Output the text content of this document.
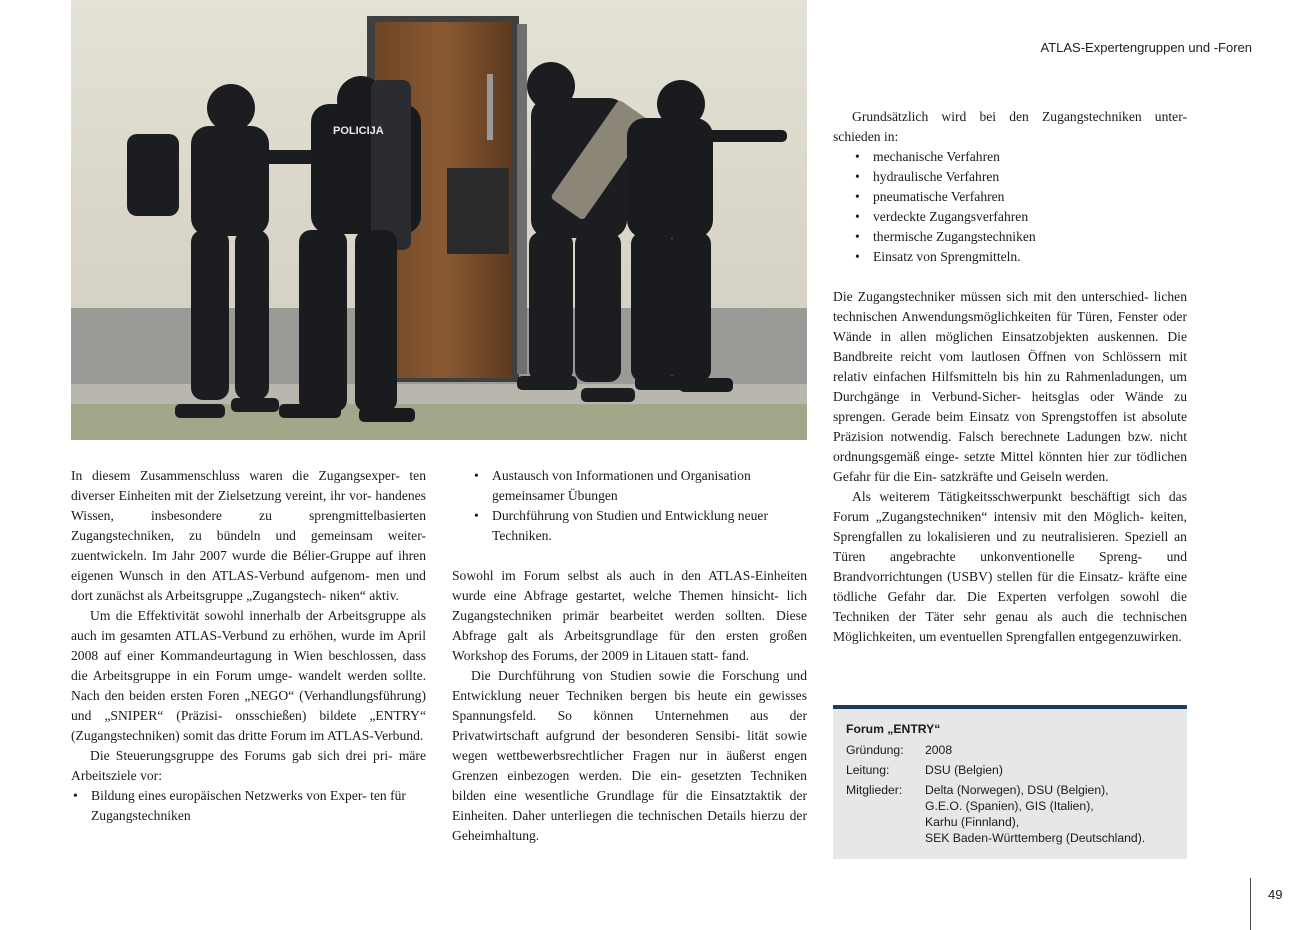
ATLAS-Expertengruppen und -Foren
POLICIJA

In diesem Zusammenschluss waren die Zugangsexper- ten diverser Einheiten mit der Zielsetzung vereint, ihr vor- handenes Wissen, insbesondere zu sprengmittelbasierten Zugangstechniken, zu bündeln und gemeinsam weiter- zuentwickeln. Im Jahr 2007 wurde die Bélier-Gruppe auf ihren eigenen Wunsch in den ATLAS-Verbund aufgenom- men und dort zunächst als Arbeitsgruppe „Zugangstech- niken“ aktiv.

Um die Effektivität sowohl innerhalb der Arbeitsgruppe als auch im gesamten ATLAS-Verbund zu erhöhen, wurde im April 2008 auf einer Kommandeurtagung in Wien beschlossen, dass die Arbeitsgruppe in ein Forum umge- wandelt werden sollte. Nach den beiden ersten Foren „NEGO“ (Verhandlungsführung) und „SNIPER“ (Präzisi- onsschießen) bildete „ENTRY“ (Zugangstechniken) somit das dritte Forum im ATLAS-Verbund.

Die Steuerungsgruppe des Forums gab sich drei pri- märe Arbeitsziele vor:

• Bildung eines europäischen Netzwerks von Exper- ten für Zugangstechniken
• Austausch von Informationen und Organisation gemeinsamer Übungen
• Durchführung von Studien und Entwicklung neuer Techniken.

Sowohl im Forum selbst als auch in den ATLAS-Einheiten wurde eine Abfrage gestartet, welche Themen hinsicht- lich Zugangstechniken primär bearbeitet werden sollten. Diese Abfrage galt als Arbeitsgrundlage für den ersten großen Workshop des Forums, der 2009 in Litauen statt- fand.

Die Durchführung von Studien sowie die Forschung und Entwicklung neuer Techniken bergen bis heute ein gewisses Spannungsfeld. So können Unternehmen aus der Privatwirtschaft aufgrund der besonderen Sensibi- lität sowie wegen wettbewerbsrechtlicher Fragen nur in äußerst engen Grenzen einbezogen werden. Die ein- gesetzten Techniken bilden eine wesentliche Grundlage für die Einsatztaktik der Einheiten. Daher unterliegen die technischen Details hierzu der Geheimhaltung.

Grundsätzlich wird bei den Zugangstechniken unter- schieden in:

• mechanische Verfahren
• hydraulische Verfahren
• pneumatische Verfahren
• verdeckte Zugangsverfahren
• thermische Zugangstechniken
• Einsatz von Sprengmitteln.

Die Zugangstechniker müssen sich mit den unterschied- lichen technischen Anwendungsmöglichkeiten für Türen, Fenster oder Wände in allen möglichen Einsatzobjekten auskennen. Die Bandbreite reicht vom lautlosen Öffnen von Schlössern mit relativ einfachen Hilfsmitteln bis hin zu Rahmenladungen, um Durchgänge in Verbund-Sicher- heitsglas oder Wände zu sprengen. Gerade beim Einsatz von Sprengstoffen ist absolute Präzision notwendig. Falsch berechnete Ladungen bzw. nicht ordnungsgemäß einge- setzte Mittel könnten hier zur tödlichen Gefahr für die Ein- satzkräfte und Geiseln werden.

Als weiterem Tätigkeitsschwerpunkt beschäftigt sich das Forum „Zugangstechniken“ intensiv mit den Möglich- keiten, Sprengfallen zu lokalisieren und zu neutralisieren. Speziell an Türen angebrachte unkonventionelle Spreng- und Brandvorrichtungen (USBV) stellen für die Einsatz- kräfte eine tödliche Gefahr dar. Die Experten verfolgen sowohl die Techniken der Täter sehr genau als auch die technischen Möglichkeiten, um eventuellen Sprengfallen entgegenzuwirken.

Forum „ENTRY“
Gründung:	2008
Leitung:	DSU (Belgien)
Mitglieder:	Delta (Norwegen), DSU (Belgien),
G.E.O. (Spanien), GIS (Italien),
Karhu (Finnland),
SEK Baden-Württemberg (Deutschland).
49
